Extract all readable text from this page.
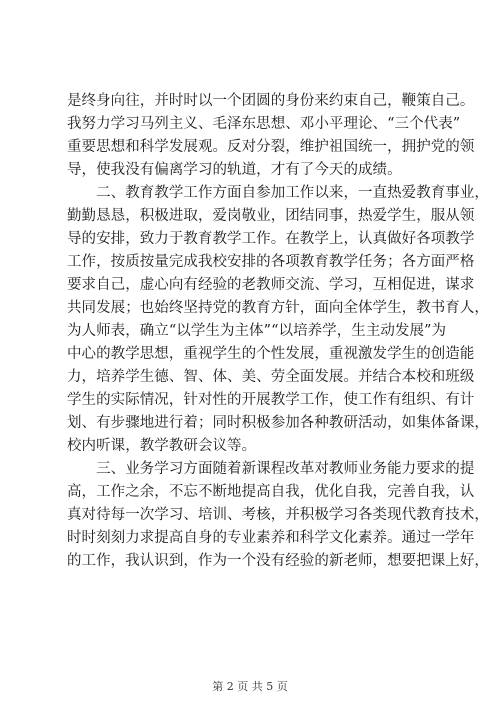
是终身向往，并时时以一个团圆的身份来约束自己，鞭策自己。
我努力学习马列主义、毛泽东思想、邓小平理论、“三个代表”
重要思想和科学发展观。反对分裂，维护祖国统一，拥护党的领
导，使我没有偏离学习的轨道，才有了今天的成绩。
　　二、教育教学工作方面自参加工作以来，一直热爱教育事业，
勤勤恳恳，积极进取，爱岗敬业，团结同事，热爱学生，服从领
导的安排，致力于教育教学工作。在教学上，认真做好各项教学
工作，按质按量完成我校安排的各项教育教学任务；各方面严格
要求自己，虚心向有经验的老教师交流、学习，互相促进，谋求
共同发展；也始终坚持党的教育方针，面向全体学生，教书育人，
为人师表，确立“以学生为主体”“以培养学，生主动发展”为
中心的教学思想，重视学生的个性发展，重视激发学生的创造能
力，培养学生德、智、体、美、劳全面发展。并结合本校和班级
学生的实际情况，针对性的开展教学工作，使工作有组织、有计
划、有步骤地进行着；同时积极参加各种教研活动，如集体备课，
校内听课，教学教研会议等。
　　三、业务学习方面随着新课程改革对教师业务能力要求的提
高，工作之余，不忘不断地提高自我，优化自我，完善自我，认
真对待每一次学习、培训、考核，并积极学习各类现代教育技术，
时时刻刻力求提高自身的专业素养和科学文化素养。通过一学年
的工作，我认识到，作为一个没有经验的新老师，想要把课上好，
第 2 页 共 5 页
